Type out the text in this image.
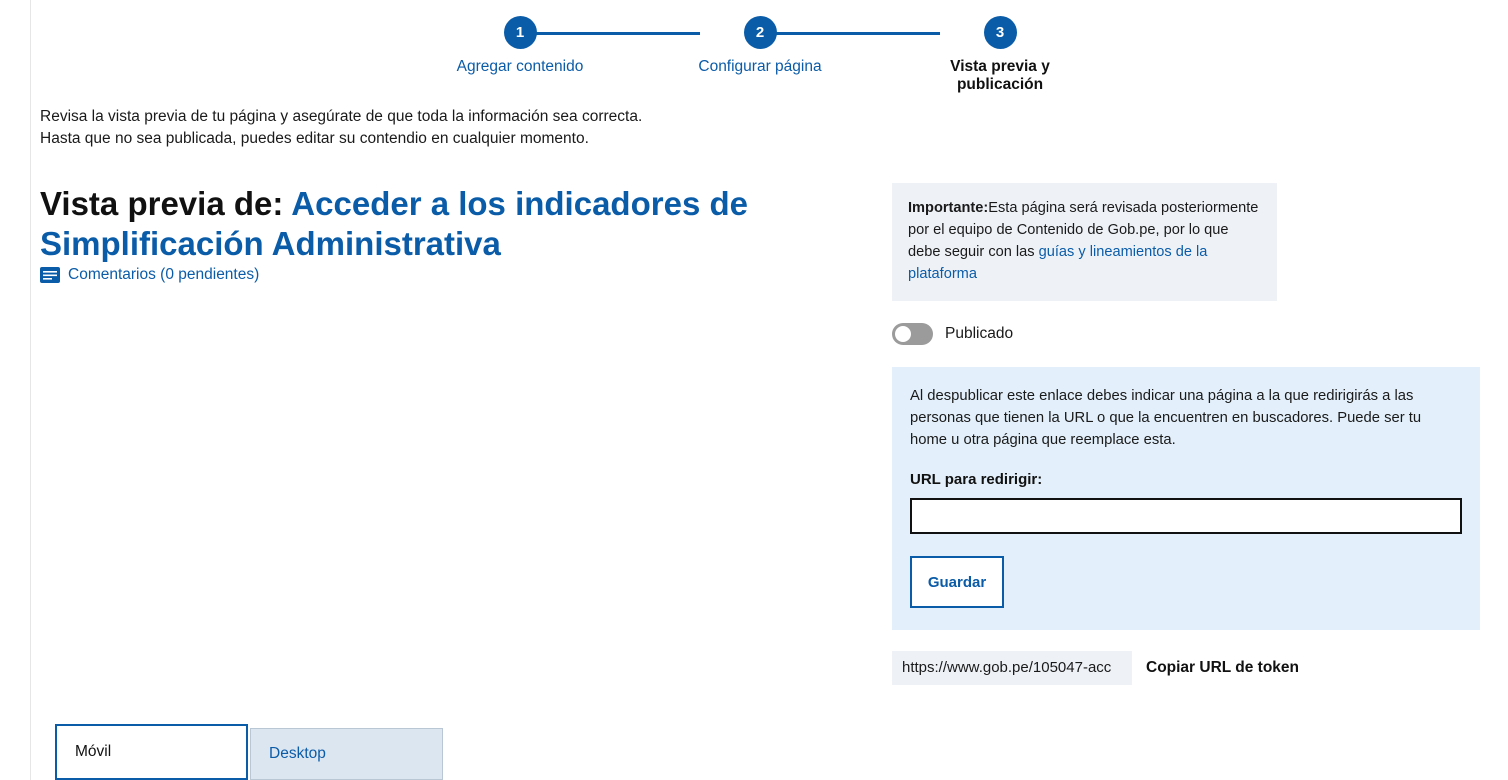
1
Agregar contenido
2
Configurar página
3
Vista previa y publicación
Revisa la vista previa de tu página y asegúrate de que toda la información sea correcta.
Hasta que no sea publicada, puedes editar su contendio en cualquier momento.
Vista previa de: Acceder a los indicadores de Simplificación Administrativa
Comentarios (0 pendientes)
Importante:Esta página será revisada posteriormente por el equipo de Contenido de Gob.pe, por lo que debe seguir con las guías y lineamientos de la plataforma
Publicado
Al despublicar este enlace debes indicar una página a la que redirigirás a las personas que tienen la URL o que la encuentren en buscadores. Puede ser tu home u otra página que reemplace esta.
URL para redirigir:

Guardar
https://www.gob.pe/105047-acc	Copiar URL de token
Móvil	Desktop
